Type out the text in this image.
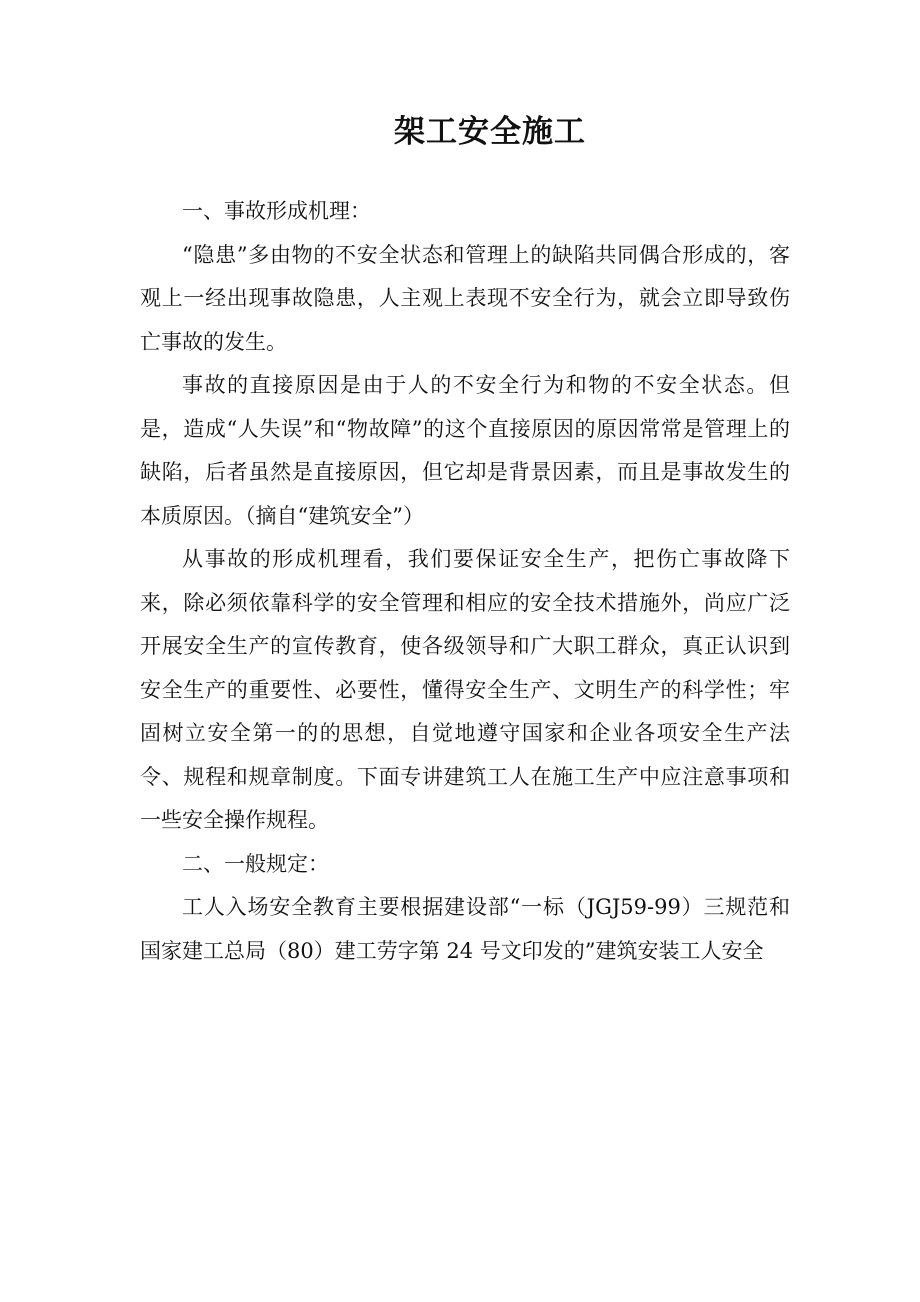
架工安全施工

一、事故形成机理：

“隐患”多由物的不安全状态和管理上的缺陷共同偶合形成的，客观上一经出现事故隐患，人主观上表现不安全行为，就会立即导致伤亡事故的发生。

事故的直接原因是由于人的不安全行为和物的不安全状态。但是，造成“人失误”和“物故障”的这个直接原因的原因常常是管理上的缺陷，后者虽然是直接原因，但它却是背景因素，而且是事故发生的本质原因。（摘自“建筑安全”）

从事故的形成机理看，我们要保证安全生产，把伤亡事故降下来，除必须依靠科学的安全管理和相应的安全技术措施外，尚应广泛开展安全生产的宣传教育，使各级领导和广大职工群众，真正认识到安全生产的重要性、必要性，懂得安全生产、文明生产的科学性；牢固树立安全第一的的思想，自觉地遵守国家和企业各项安全生产法令、规程和规章制度。下面专讲建筑工人在施工生产中应注意事项和一些安全操作规程。

二、一般规定：

工人入场安全教育主要根据建设部“一标（JGJ59-99）三规范和国家建工总局（80）建工劳字第 24 号文印发的”建筑安装工人安全
